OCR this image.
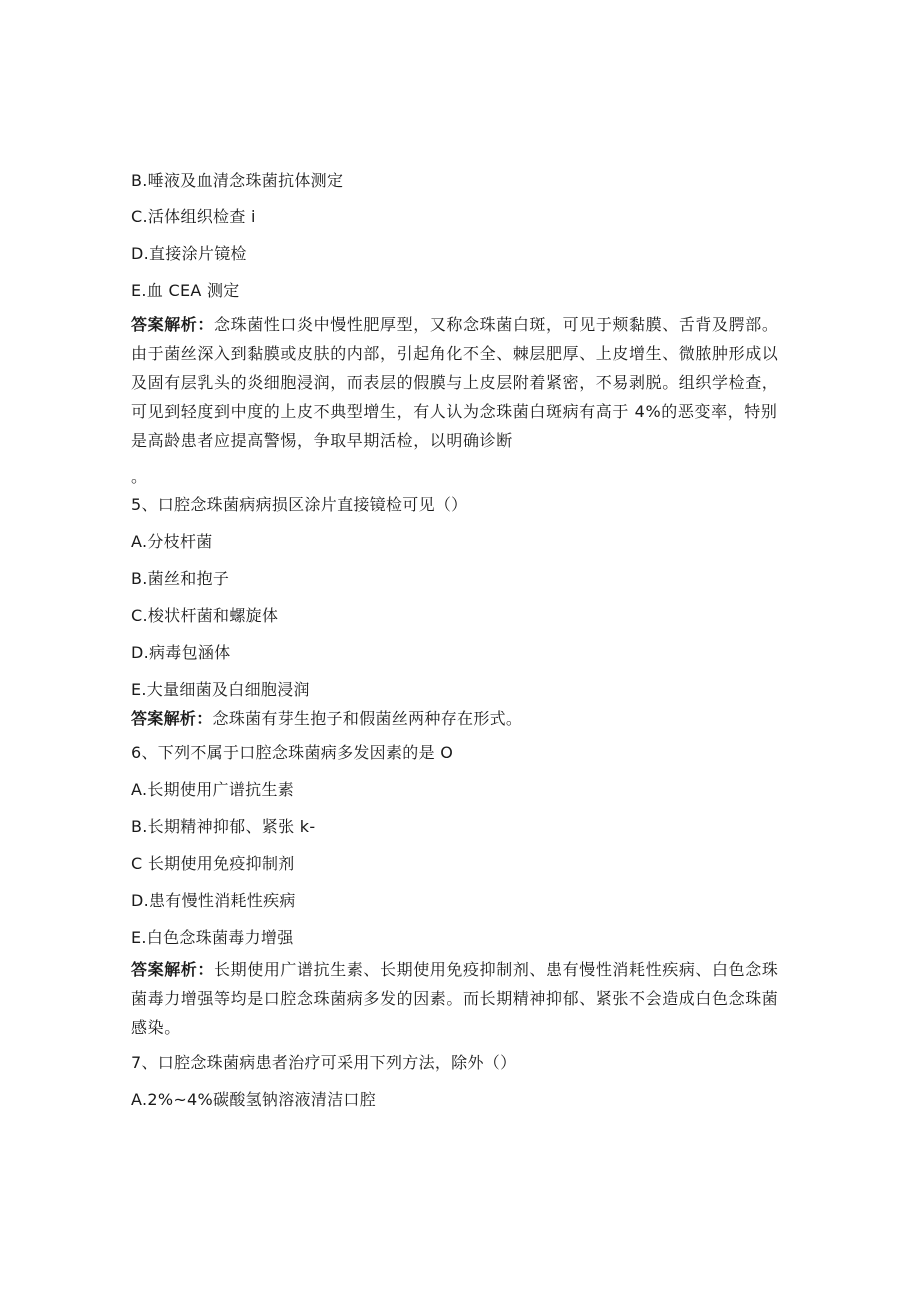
B.唾液及血清念珠菌抗体测定
C.活体组织检查 i
D.直接涂片镜检
E.血 CEA 测定
答案解析：念珠菌性口炎中慢性肥厚型，又称念珠菌白斑，可见于颊黏膜、舌背及腭部。由于菌丝深入到黏膜或皮肤的内部，引起角化不全、棘层肥厚、上皮增生、微脓肿形成以及固有层乳头的炎细胞浸润，而表层的假膜与上皮层附着紧密，不易剥脱。组织学检查，可见到轻度到中度的上皮不典型增生，有人认为念珠菌白斑病有高于 4%的恶变率，特别是高龄患者应提高警惕，争取早期活检，以明确诊断
。
5、口腔念珠菌病病损区涂片直接镜检可见（）
A.分枝杆菌
B.菌丝和抱子
C.梭状杆菌和螺旋体
D.病毒包涵体
E.大量细菌及白细胞浸润
答案解析：念珠菌有芽生抱子和假菌丝两种存在形式。
6、下列不属于口腔念珠菌病多发因素的是 O
A.长期使用广谱抗生素
B.长期精神抑郁、紧张 k-
C 长期使用免疫抑制剂
D.患有慢性消耗性疾病
E.白色念珠菌毒力增强
答案解析：长期使用广谱抗生素、长期使用免疫抑制剂、患有慢性消耗性疾病、白色念珠菌毒力增强等均是口腔念珠菌病多发的因素。而长期精神抑郁、紧张不会造成白色念珠菌感染。
7、口腔念珠菌病患者治疗可采用下列方法，除外（）
A.2%~4%碳酸氢钠溶液清洁口腔
